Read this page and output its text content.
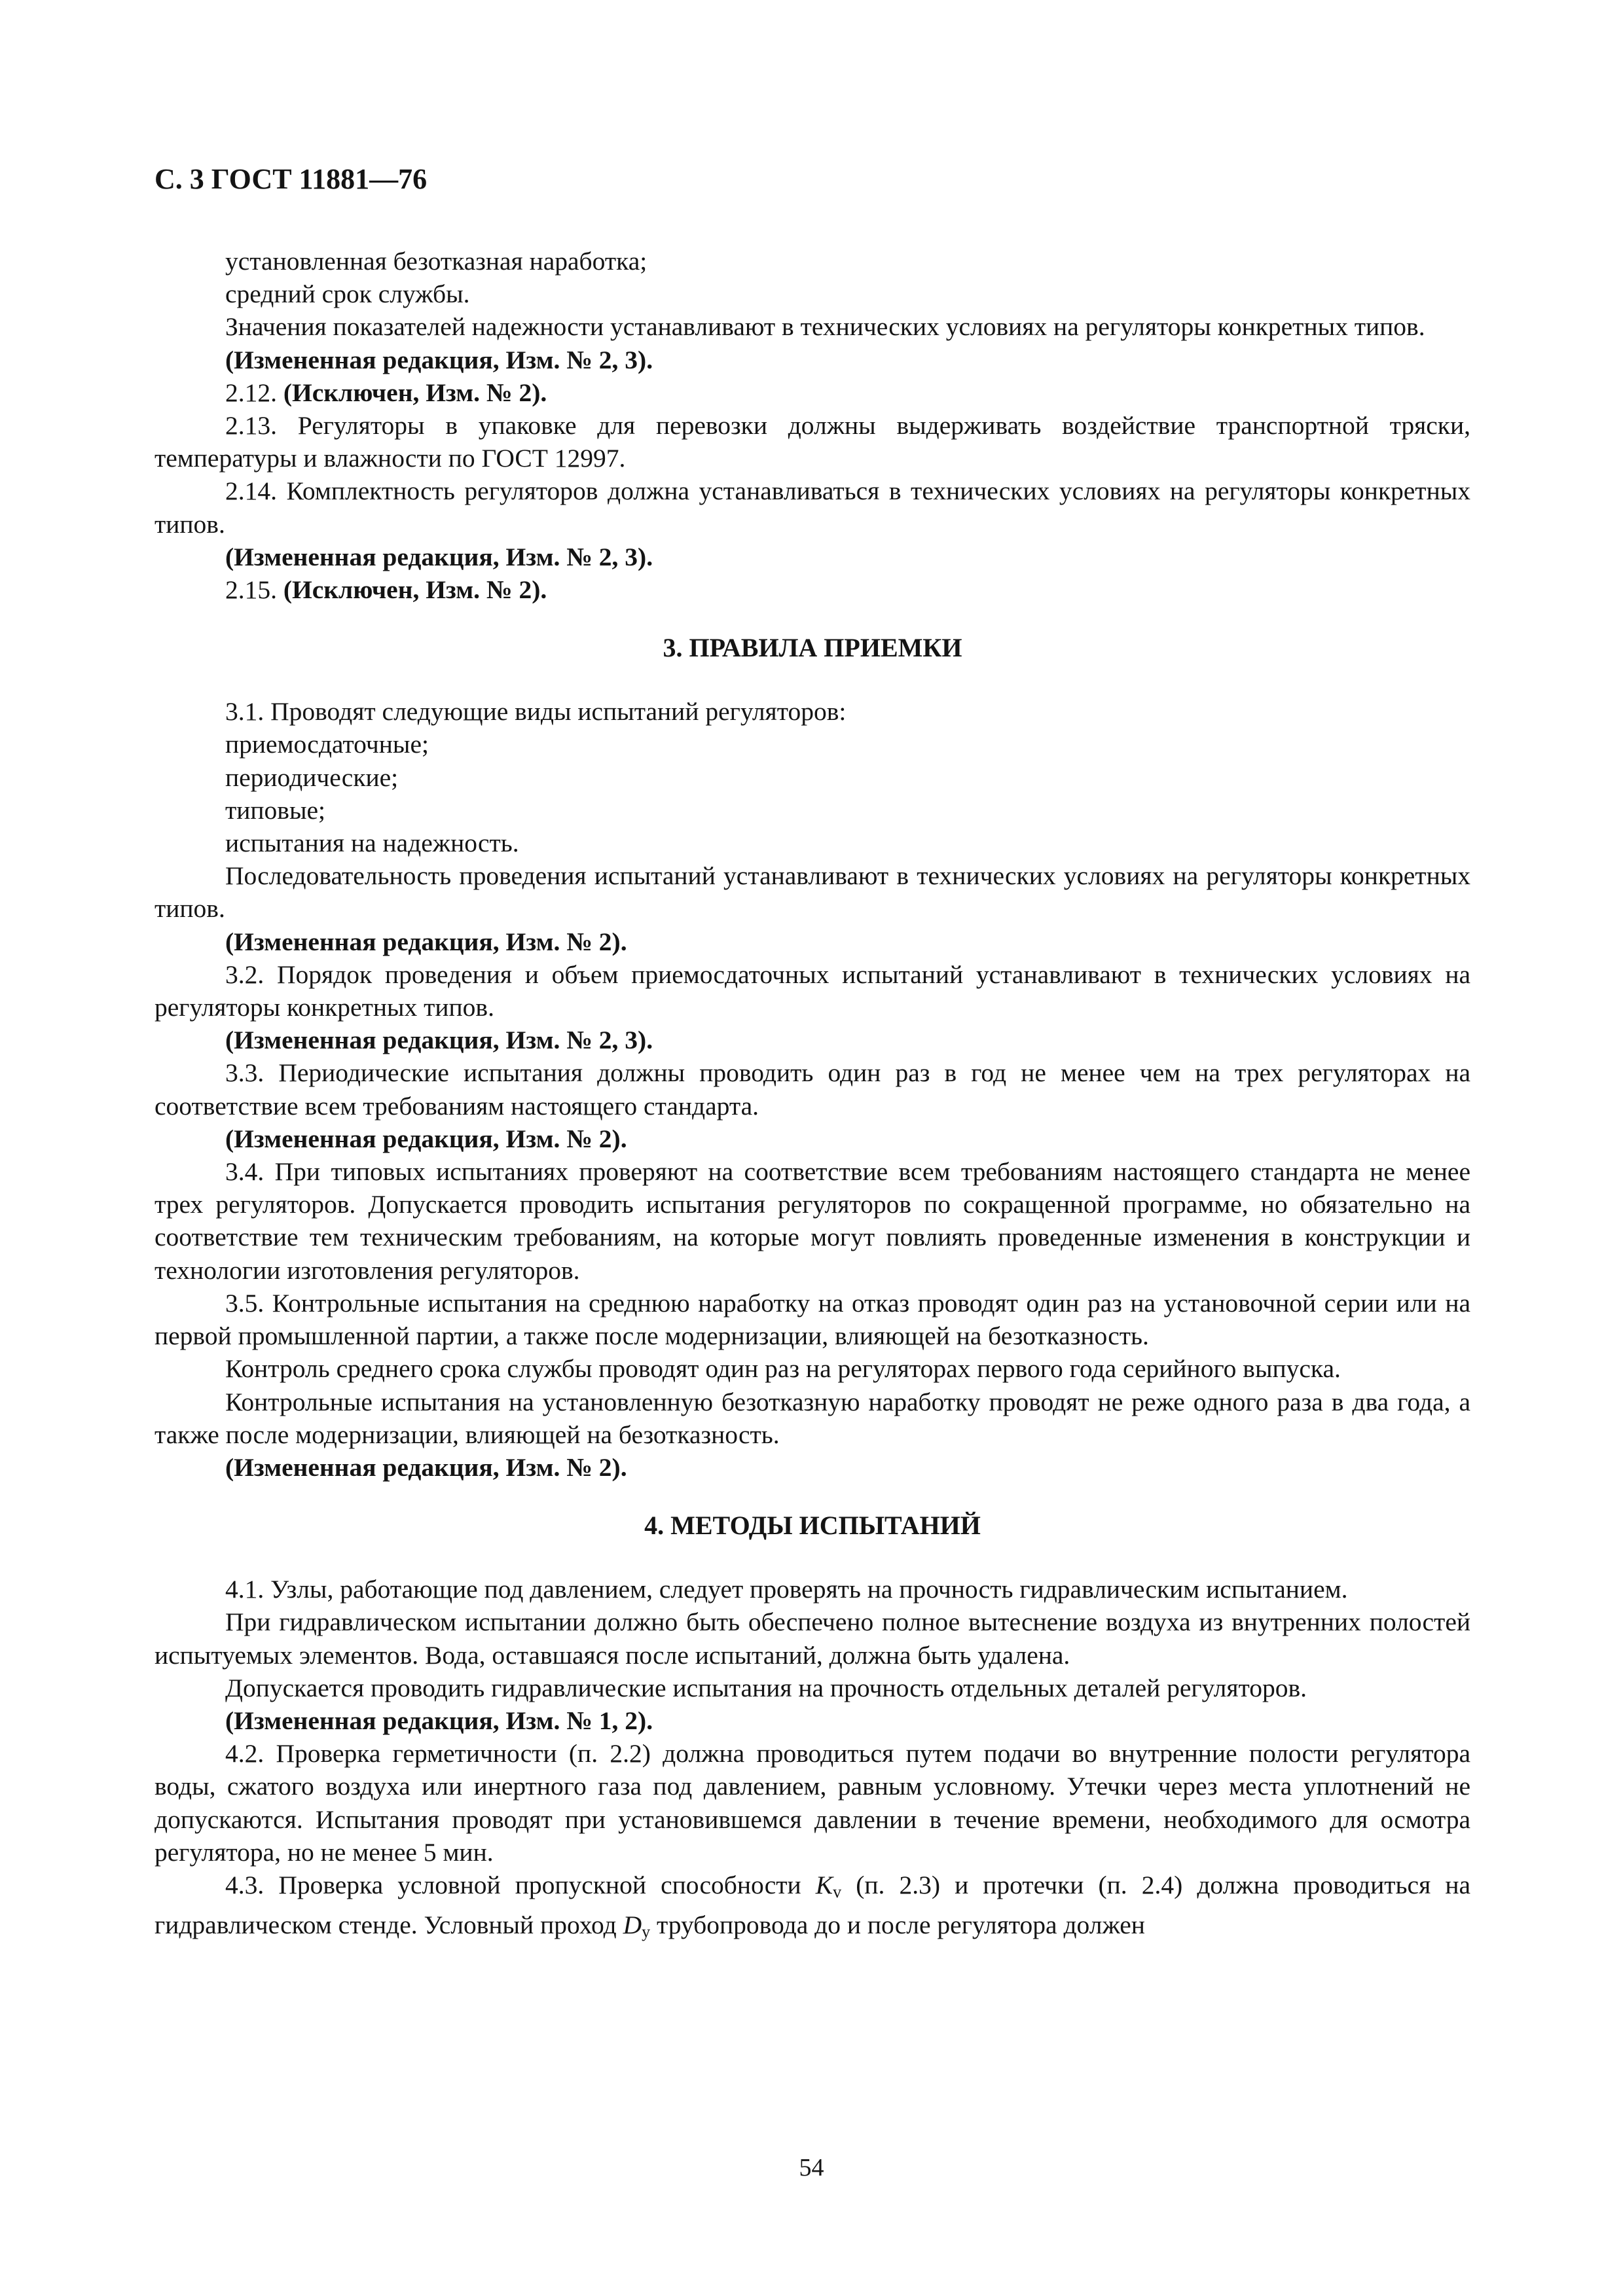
С. 3 ГОСТ 11881—76

установленная безотказная наработка;

средний срок службы.

Значения показателей надежности устанавливают в технических условиях на регуляторы конкретных типов.

(Измененная редакция, Изм. № 2, 3).

2.12. (Исключен, Изм. № 2).

2.13. Регуляторы в упаковке для перевозки должны выдерживать воздействие транспортной тряски, температуры и влажности по ГОСТ 12997.

2.14. Комплектность регуляторов должна устанавливаться в технических условиях на регуляторы конкретных типов.

(Измененная редакция, Изм. № 2, 3).

2.15. (Исключен, Изм. № 2).

3. ПРАВИЛА ПРИЕМКИ

3.1. Проводят следующие виды испытаний регуляторов:

приемосдаточные;

периодические;

типовые;

испытания на надежность.

Последовательность проведения испытаний устанавливают в технических условиях на регуляторы конкретных типов.

(Измененная редакция, Изм. № 2).

3.2. Порядок проведения и объем приемосдаточных испытаний устанавливают в технических условиях на регуляторы конкретных типов.

(Измененная редакция, Изм. № 2, 3).

3.3. Периодические испытания должны проводить один раз в год не менее чем на трех регуляторах на соответствие всем требованиям настоящего стандарта.

(Измененная редакция, Изм. № 2).

3.4. При типовых испытаниях проверяют на соответствие всем требованиям настоящего стандарта не менее трех регуляторов. Допускается проводить испытания регуляторов по сокращенной программе, но обязательно на соответствие тем техническим требованиям, на которые могут повлиять проведенные изменения в конструкции и технологии изготовления регуляторов.

3.5. Контрольные испытания на среднюю наработку на отказ проводят один раз на установочной серии или на первой промышленной партии, а также после модернизации, влияющей на безотказность.

Контроль среднего срока службы проводят один раз на регуляторах первого года серийного выпуска.

Контрольные испытания на установленную безотказную наработку проводят не реже одного раза в два года, а также после модернизации, влияющей на безотказность.

(Измененная редакция, Изм. № 2).

4. МЕТОДЫ ИСПЫТАНИЙ

4.1. Узлы, работающие под давлением, следует проверять на прочность гидравлическим испытанием.

При гидравлическом испытании должно быть обеспечено полное вытеснение воздуха из внутренних полостей испытуемых элементов. Вода, оставшаяся после испытаний, должна быть удалена.

Допускается проводить гидравлические испытания на прочность отдельных деталей регуляторов.

(Измененная редакция, Изм. № 1, 2).

4.2. Проверка герметичности (п. 2.2) должна проводиться путем подачи во внутренние полости регулятора воды, сжатого воздуха или инертного газа под давлением, равным условному. Утечки через места уплотнений не допускаются. Испытания проводят при установившемся давлении в течение времени, необходимого для осмотра регулятора, но не менее 5 мин.

4.3. Проверка условной пропускной способности $K_v$ (п. 2.3) и протечки (п. 2.4) должна проводиться на гидравлическом стенде. Условный проход $D_y$ трубопровода до и после регулятора должен

54
